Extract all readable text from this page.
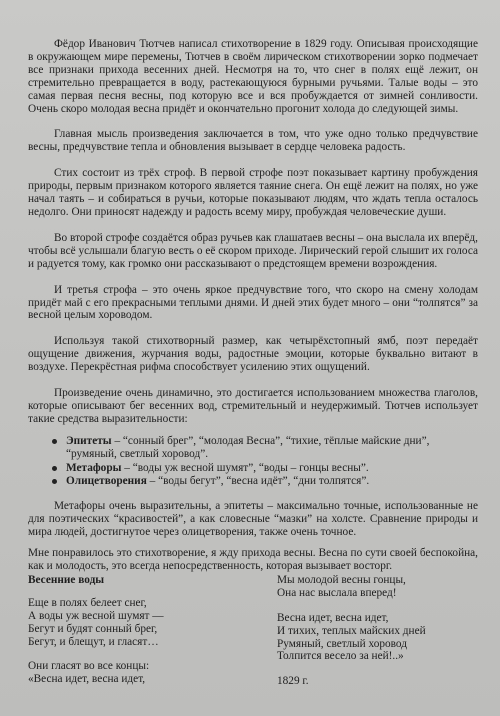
Фёдор Иванович Тютчев написал стихотворение в 1829 году. Описывая происходящие в окружающем мире перемены, Тютчев в своём лирическом стихотворении зорко подмечает все признаки прихода весенних дней. Несмотря на то, что снег в полях ещё лежит, он стремительно превращается в воду, растекающуюся бурными ручьями. Талые воды – это самая первая песня весны, под которую все и вся пробуждается от зимней сонливости. Очень скоро молодая весна придёт и окончательно прогонит холода до следующей зимы.

Главная мысль произведения заключается в том, что уже одно только предчувствие весны, предчувствие тепла и обновления вызывает в сердце человека радость.

Стих состоит из трёх строф. В первой строфе поэт показывает картину пробуждения природы, первым признаком которого является таяние снега. Он ещё лежит на полях, но уже начал таять – и собираться в ручьи, которые показывают людям, что ждать тепла осталось недолго. Они приносят надежду и радость всему миру, пробуждая человеческие души.

Во второй строфе создаётся образ ручьев как глашатаев весны – она выслала их вперёд, чтобы всё услышали благую весть о её скором приходе. Лирический герой слышит их голоса и радуется тому, как громко они рассказывают о предстоящем времени возрождения.

И третья строфа – это очень яркое предчувствие того, что скоро на смену холодам придёт май с его прекрасными теплыми днями. И дней этих будет много – они “толпятся” за весной целым хороводом.

Используя такой стихотворный размер, как четырёхстопный ямб, поэт передаёт ощущение движения, журчания воды, радостные эмоции, которые буквально витают в воздухе. Перекрёстная рифма способствует усилению этих ощущений.

Произведение очень динамично, это достигается использованием множества глаголов, которые описывают бег весенних вод, стремительный и неудержимый. Тютчев использует такие средства выразительности:

Эпитеты – “сонный брег”, “молодая Весна”, “тихие, тёплые майские дни”, “румяный, светлый хоровод”.
Метафоры – “воды уж весной шумят”, “воды – гонцы весны”.
Олицетворения – “воды бегут”, “весна идёт”, “дни толпятся”.

Метафоры очень выразительны, а эпитеты – максимально точные, использованные не для поэтических “красивостей”, а как словесные “мазки” на холсте. Сравнение природы и мира людей, достигнутое через олицетворения, также очень точное.

Мне понравилось это стихотворение, я жду прихода весны. Весна по сути своей беспокойна, как и молодость, это всегда непосредственность, которая вызывает восторг.

Весенние воды
Еще в полях белеет снег,
А воды уж весной шумят —
Бегут и будят сонный брег,
Бегут, и блещут, и гласят…
Они гласят во все концы:
«Весна идет, весна идет,
Мы молодой весны гонцы,
Она нас выслала вперед!
Весна идет, весна идет,
И тихих, теплых майских дней
Румяный, светлый хоровод
Толпится весело за ней!..»
1829 г.
